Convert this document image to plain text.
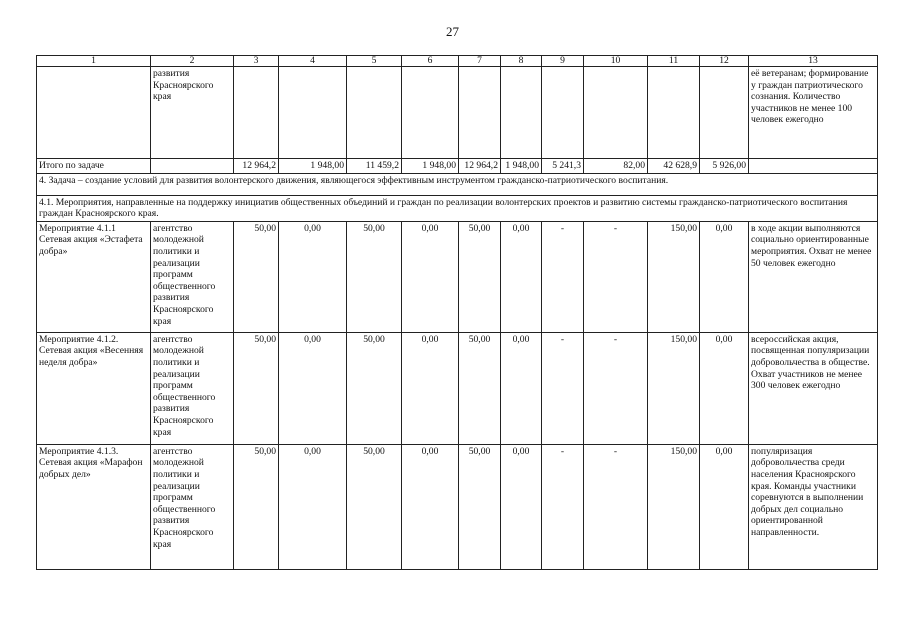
27
1	2	3	4	5	6	7	8	9	10	11	12	13
	развития Красноярского края											её ветеранам; формирование у граждан патриотического сознания. Количество участников не менее 100 человек ежегодно
Итого по задаче		12 964,2	1 948,00	11 459,2	1 948,00	12 964,2	1 948,00	5 241,3	82,00	42 628,9	5 926,00	
4. Задача – создание условий для развития волонтерского движения, являющегося эффективным инструментом гражданско-патриотического воспитания.												
4.1. Мероприятия, направленные на поддержку инициатив общественных объединий и граждан по реализации волонтерских проектов и развитию системы гражданско-патриотического воспитания граждан Красноярского края.												
Мероприятие 4.1.1 Сетевая акция «Эстафета добра»	агентство молодежной политики и реализации программ общественного развития Красноярского края	50,00	0,00	50,00	0,00	50,00	0,00	-	-	150,00	0,00	в ходе акции выполняются социально ориентированные мероприятия. Охват не менее 50 человек ежегодно
Мероприятие 4.1.2. Сетевая акция «Весенняя неделя добра»	агентство молодежной политики и реализации программ общественного развития Красноярского края	50,00	0,00	50,00	0,00	50,00	0,00	-	-	150,00	0,00	всероссийская акция, посвященная популяризации добровольчества в обществе. Охват участников не менее 300 человек ежегодно
Мероприятие 4.1.3. Сетевая акция «Марафон добрых дел»	агентство молодежной политики и реализации программ общественного развития Красноярского края	50,00	0,00	50,00	0,00	50,00	0,00	-	-	150,00	0,00	популяризация добровольчества среди населения Красноярского края. Команды участники соревнуются в выполнении добрых дел социально ориентированной направленности.
